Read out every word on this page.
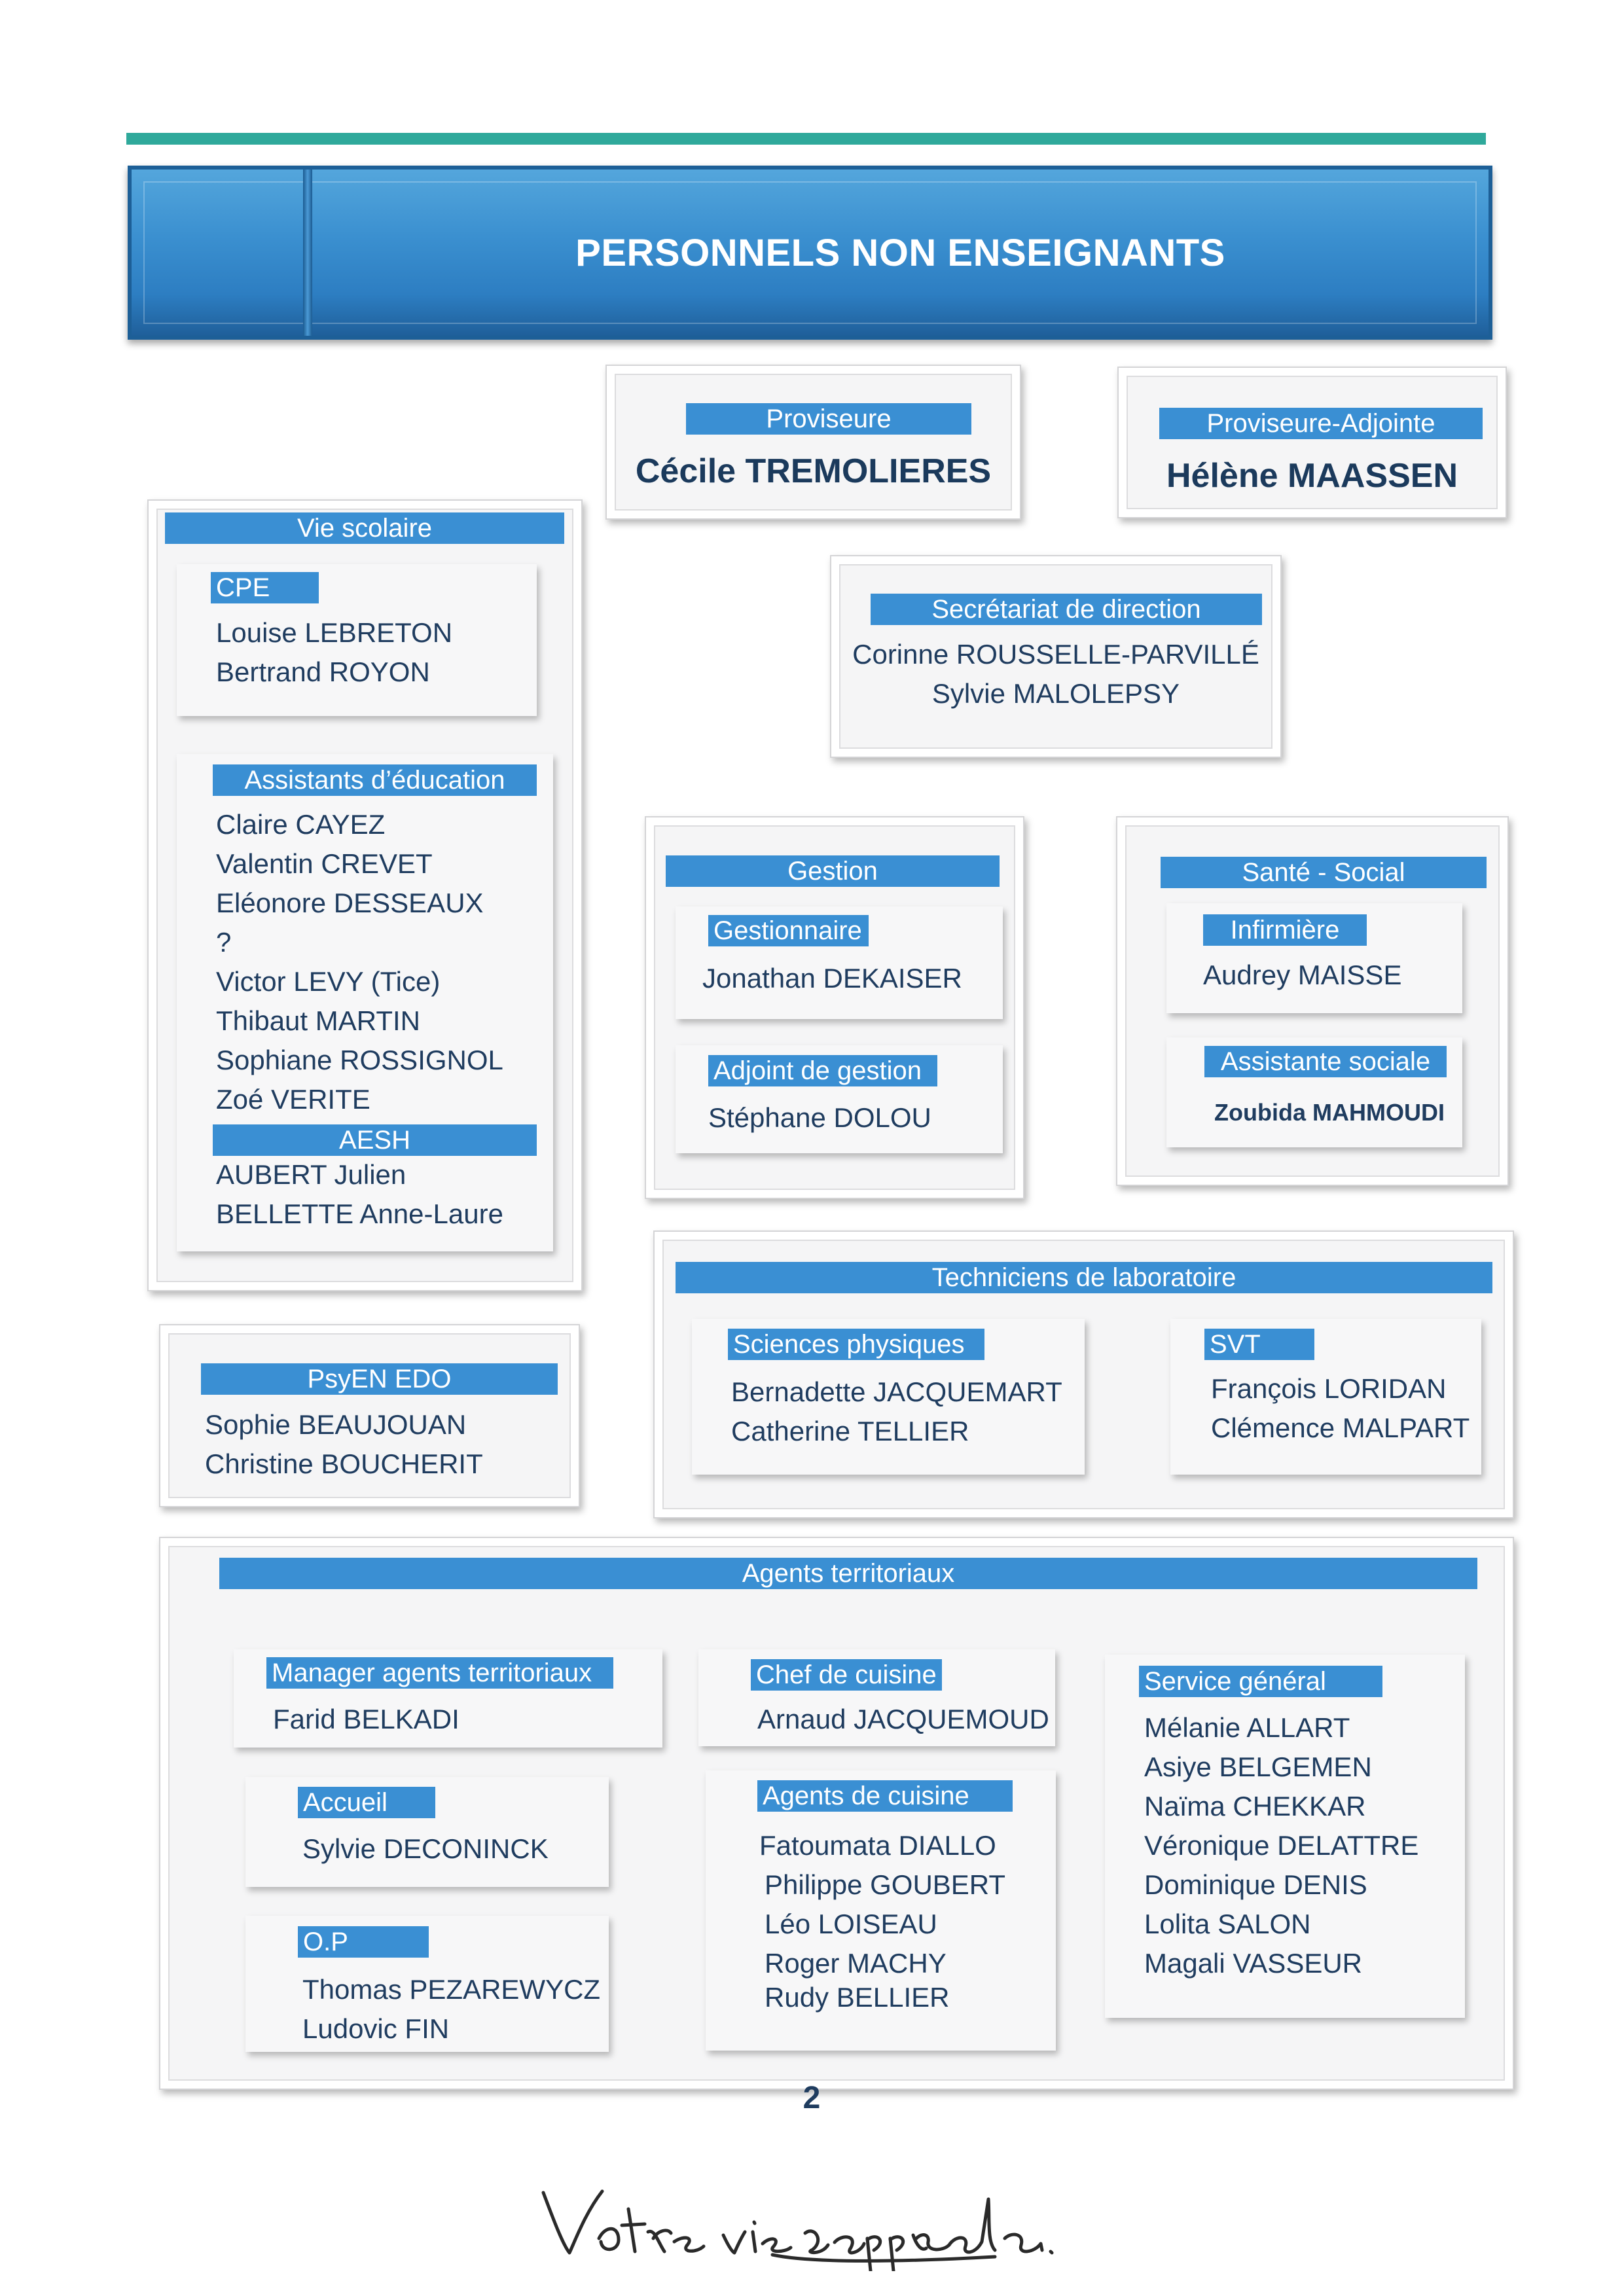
PERSONNELS NON ENSEIGNANTS
Proviseure
Cécile TREMOLIERES
Proviseure-Adjointe
Hélène MAASSEN
Secrétariat de direction
Corinne ROUSSELLE-PARVILLÉ
Sylvie MALOLEPSY
Vie scolaire
CPE
Louise LEBRETON
Bertrand ROYON
Assistants d’éducation
Claire CAYEZ
Valentin CREVET
Eléonore DESSEAUX
?
Victor LEVY (Tice)
Thibaut MARTIN
Sophiane ROSSIGNOL
Zoé VERITE
AESH
AUBERT Julien
BELLETTE Anne-Laure
Gestion
Gestionnaire
Jonathan DEKAISER
Adjoint de gestion
Stéphane DOLOU
Santé - Social
Infirmière
Audrey MAISSE
Assistante sociale
Zoubida MAHMOUDI
PsyEN EDO
Sophie BEAUJOUAN
Christine BOUCHERIT
Techniciens de laboratoire
Sciences physiques
Bernadette JACQUEMART
Catherine TELLIER
SVT
François LORIDAN
Clémence MALPART
Agents territoriaux
Manager agents territoriaux
Farid BELKADI
Accueil
Sylvie DECONINCK
O.P
Thomas PEZAREWYCZ
Ludovic FIN
Chef de cuisine
Arnaud JACQUEMOUD
Agents de cuisine
Fatoumata DIALLO
Philippe GOUBERT
Léo LOISEAU
Roger MACHY
Rudy BELLIER
Service général
Mélanie ALLART
Asiye BELGEMEN
Naïma CHEKKAR
Véronique DELATTRE
Dominique DENIS
Lolita SALON
Magali VASSEUR
2
